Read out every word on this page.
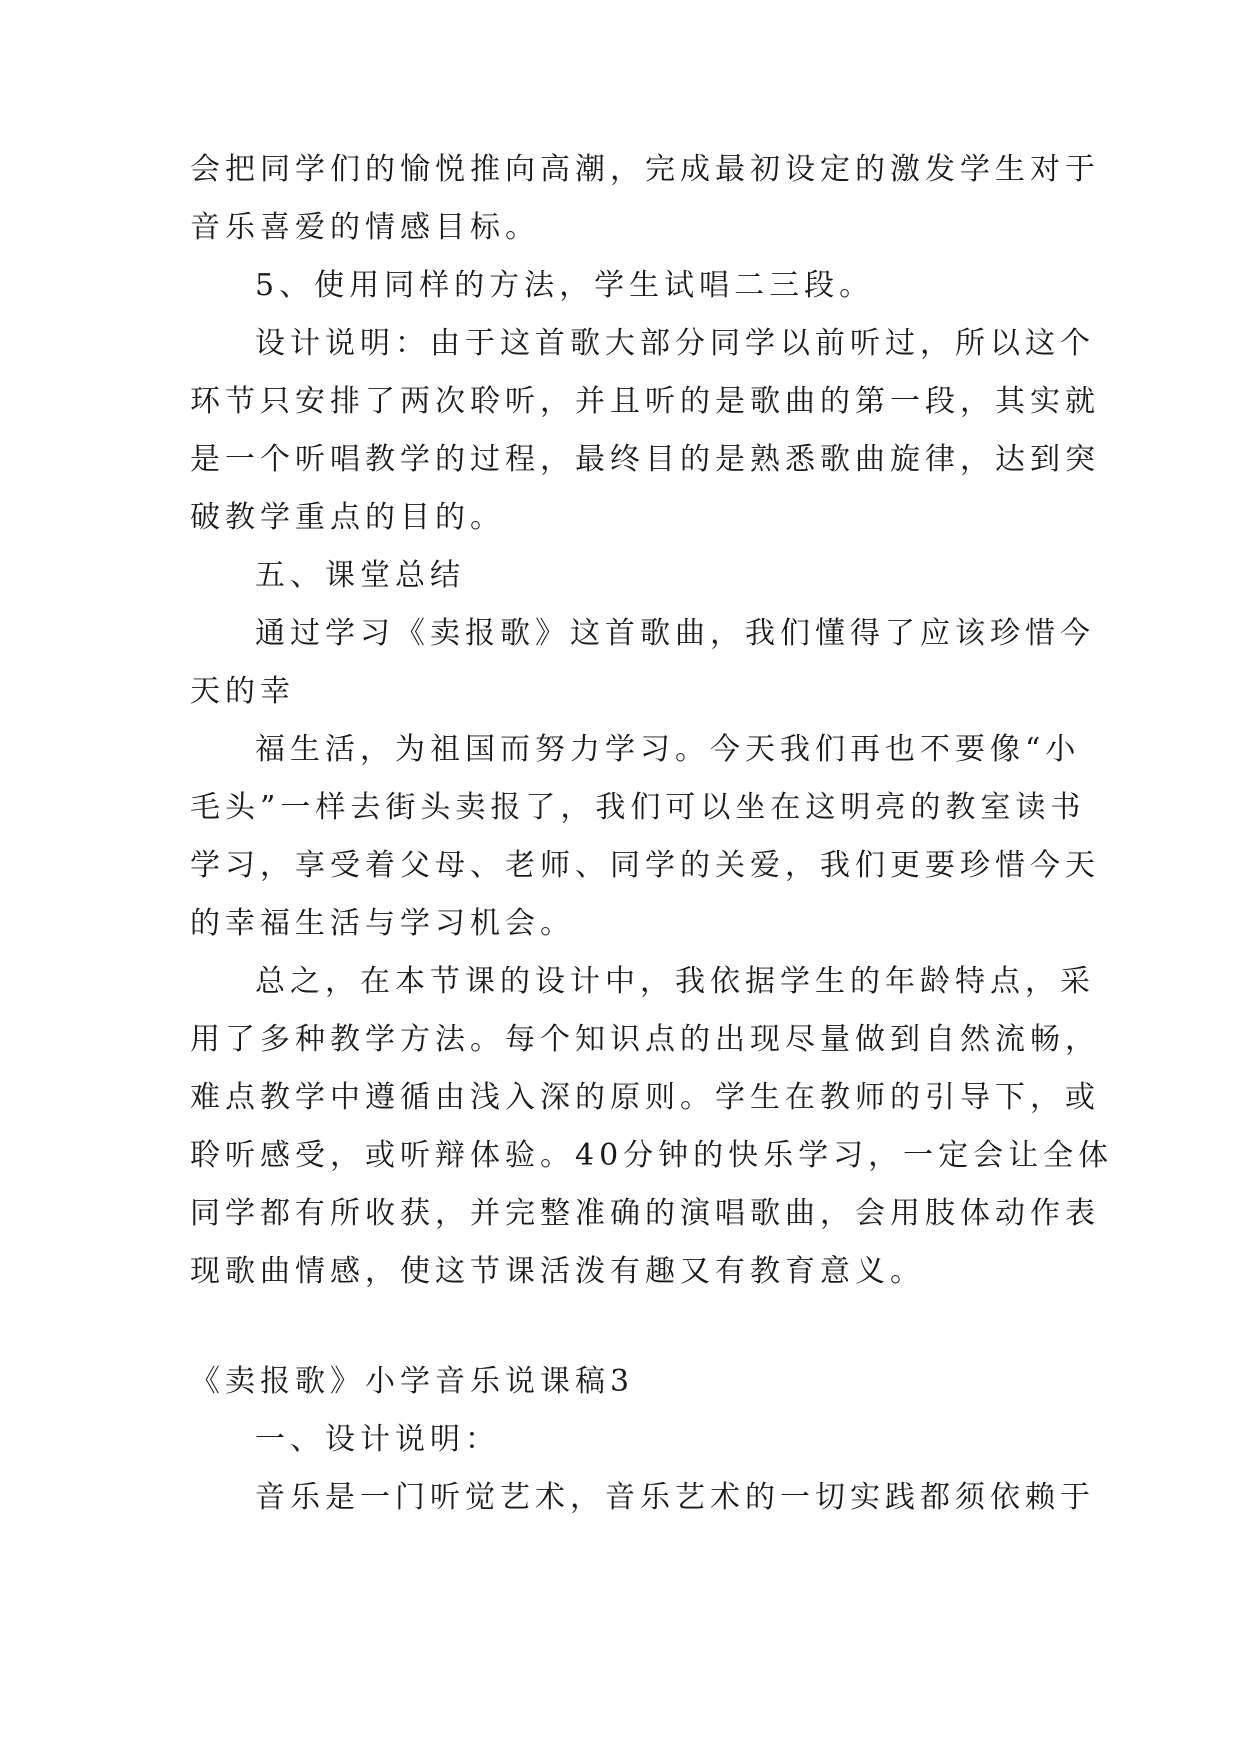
会把同学们的愉悦推向高潮，完成最初设定的激发学生对于
音乐喜爱的情感目标。
5、使用同样的方法，学生试唱二三段。
设计说明：由于这首歌大部分同学以前听过，所以这个
环节只安排了两次聆听，并且听的是歌曲的第一段，其实就
是一个听唱教学的过程，最终目的是熟悉歌曲旋律，达到突
破教学重点的目的。
五、课堂总结
通过学习《卖报歌》这首歌曲，我们懂得了应该珍惜今
天的幸
福生活，为祖国而努力学习。今天我们再也不要像“小
毛头”一样去街头卖报了，我们可以坐在这明亮的教室读书
学习，享受着父母、老师、同学的关爱，我们更要珍惜今天
的幸福生活与学习机会。
总之，在本节课的设计中，我依据学生的年龄特点，采
用了多种教学方法。每个知识点的出现尽量做到自然流畅，
难点教学中遵循由浅入深的原则。学生在教师的引导下，或
聆听感受，或听辩体验。40分钟的快乐学习，一定会让全体
同学都有所收获，并完整准确的演唱歌曲，会用肢体动作表
现歌曲情感，使这节课活泼有趣又有教育意义。
《卖报歌》小学音乐说课稿3
一、设计说明：
音乐是一门听觉艺术，音乐艺术的一切实践都须依赖于
